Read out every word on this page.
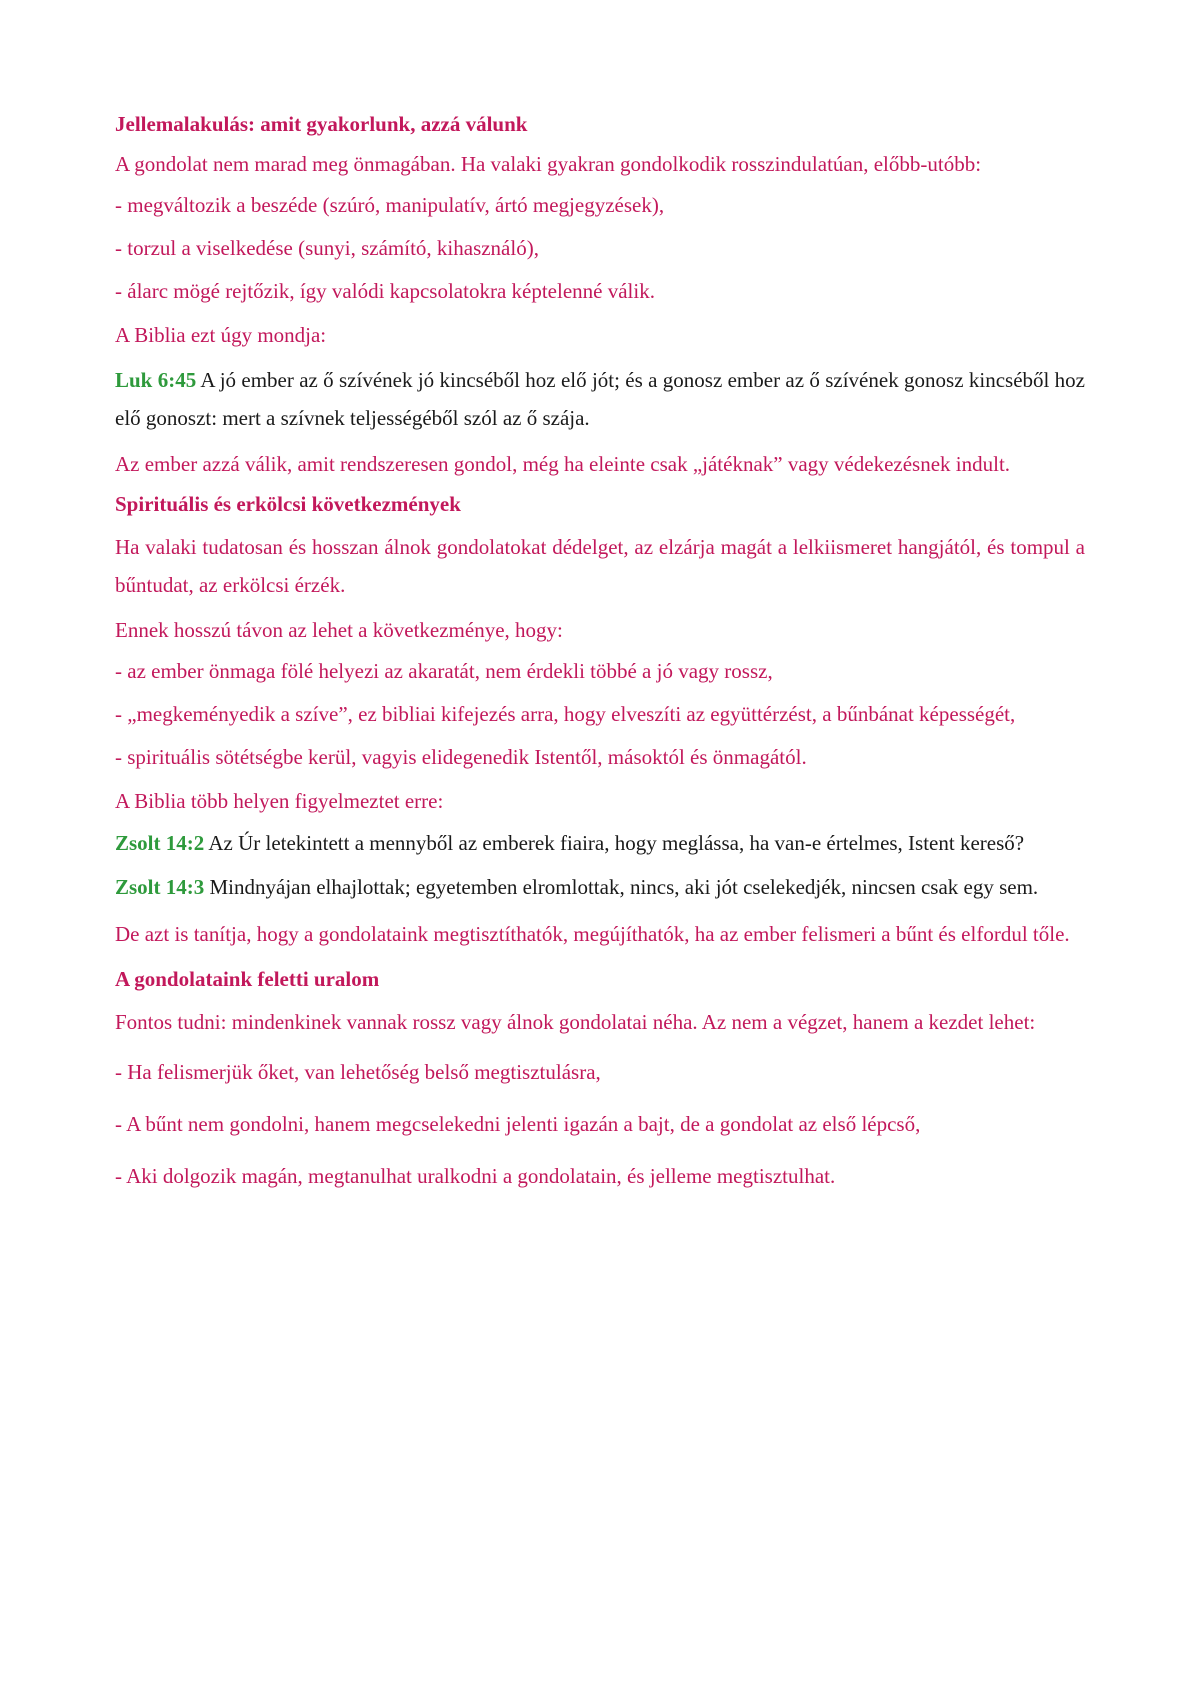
Jellemalakulás: amit gyakorlunk, azzá válunk
A gondolat nem marad meg önmagában. Ha valaki gyakran gondolkodik rosszindulatúan, előbb-utóbb:
- megváltozik a beszéde (szúró, manipulatív, ártó megjegyzések),
- torzul a viselkedése (sunyi, számító, kihasználó),
- álarc mögé rejtőzik, így valódi kapcsolatokra képtelenné válik.
A Biblia ezt úgy mondja:
Luk 6:45 A jó ember az ő szívének jó kincséből hoz elő jót; és a gonosz ember az ő szívének gonosz kincséből hoz elő gonoszt: mert a szívnek teljességéből szól az ő szája.
Az ember azzá válik, amit rendszeresen gondol, még ha eleinte csak „játéknak” vagy védekezésnek indult.
Spirituális és erkölcsi következmények
Ha valaki tudatosan és hosszan álnok gondolatokat dédelget, az elzárja magát a lelkiismeret hangjától, és tompul a bűntudat, az erkölcsi érzék.
Ennek hosszú távon az lehet a következménye, hogy:
- az ember önmaga fölé helyezi az akaratát, nem érdekli többé a jó vagy rossz,
- „megkeményedik a szíve”, ez bibliai kifejezés arra, hogy elveszíti az együttérzést, a bűnbánat képességét,
- spirituális sötétségbe kerül, vagyis elidegenedik Istentől, másoktól és önmagától.
A Biblia több helyen figyelmeztet erre:
Zsolt 14:2 Az Úr letekintett a mennyből az emberek fiaira, hogy meglássa, ha van-e értelmes, Istent kereső?
Zsolt 14:3 Mindnyájan elhajlottak; egyetemben elromlottak, nincs, aki jót cselekedjék, nincsen csak egy sem.
De azt is tanítja, hogy a gondolataink megtisztíthatók, megújíthatók, ha az ember felismeri a bűnt és elfordul tőle.
A gondolataink feletti uralom
Fontos tudni: mindenkinek vannak rossz vagy álnok gondolatai néha. Az nem a végzet, hanem a kezdet lehet:
- Ha felismerjük őket, van lehetőség belső megtisztulásra,
- A bűnt nem gondolni, hanem megcselekedni jelenti igazán a bajt, de a gondolat az első lépcső,
- Aki dolgozik magán, megtanulhat uralkodni a gondolatain, és jelleme megtisztulhat.
